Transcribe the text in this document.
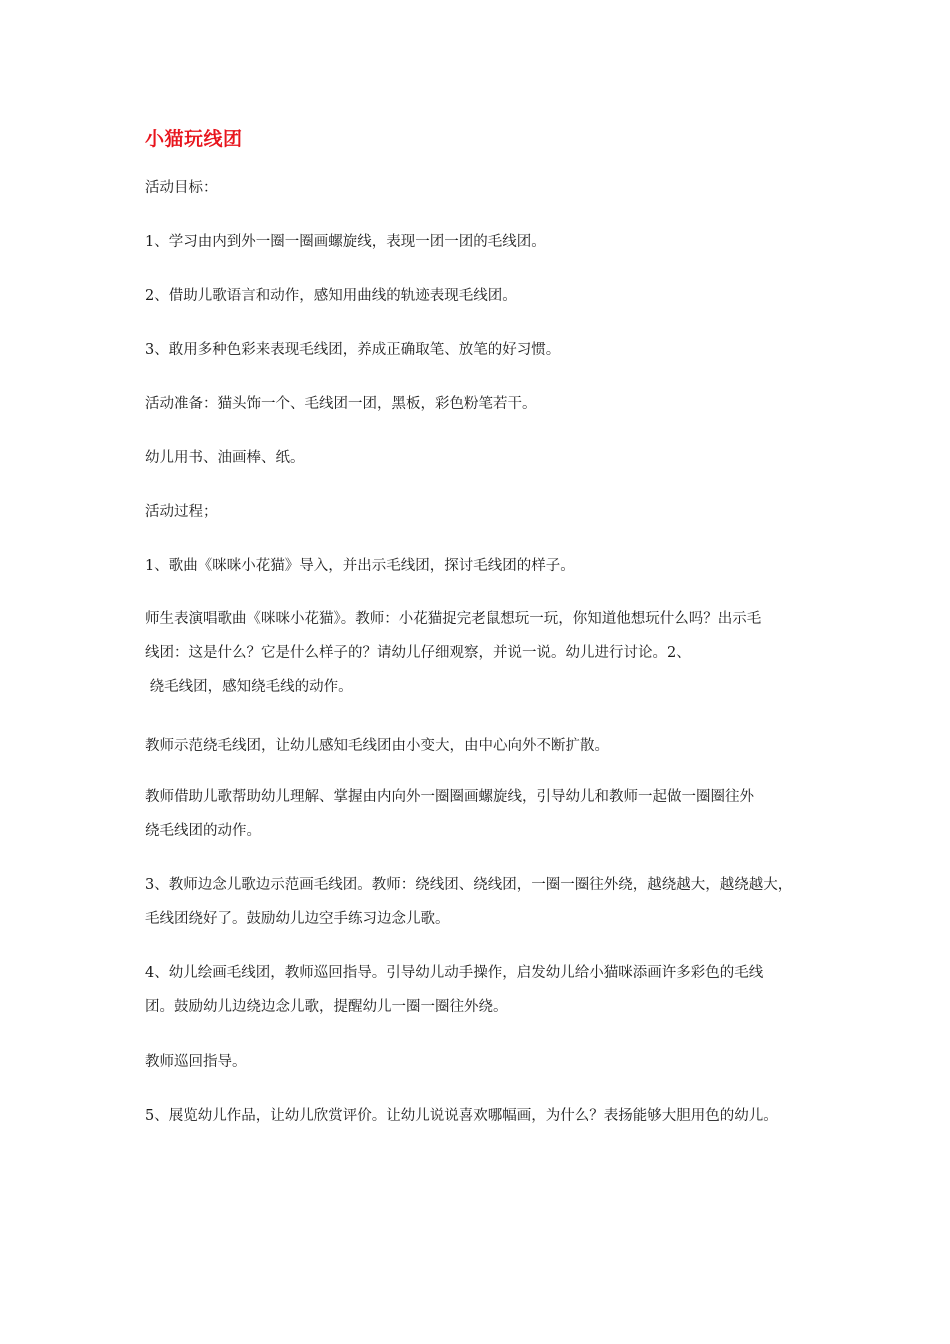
小猫玩线团
活动目标：
1、学习由内到外一圈一圈画螺旋线，表现一团一团的毛线团。
2、借助儿歌语言和动作，感知用曲线的轨迹表现毛线团。
3、敢用多种色彩来表现毛线团，养成正确取笔、放笔的好习惯。
活动准备：猫头饰一个、毛线团一团，黑板，彩色粉笔若干。
幼儿用书、油画棒、纸。
活动过程；
1、歌曲《咪咪小花猫》导入，并出示毛线团，探讨毛线团的样子。
师生表演唱歌曲《咪咪小花猫》。教师：小花猫捉完老鼠想玩一玩，你知道他想玩什么吗？出示毛
线团：这是什么？它是什么样子的？请幼儿仔细观察，并说一说。幼儿进行讨论。2、
绕毛线团，感知绕毛线的动作。
教师示范绕毛线团，让幼儿感知毛线团由小变大，由中心向外不断扩散。
教师借助儿歌帮助幼儿理解、掌握由内向外一圈圈画螺旋线，引导幼儿和教师一起做一圈圈往外
绕毛线团的动作。
3、教师边念儿歌边示范画毛线团。教师：绕线团、绕线团，一圈一圈往外绕，越绕越大，越绕越大，
毛线团绕好了。鼓励幼儿边空手练习边念儿歌。
4、幼儿绘画毛线团，教师巡回指导。引导幼儿动手操作，启发幼儿给小猫咪添画许多彩色的毛线
团。鼓励幼儿边绕边念儿歌，提醒幼儿一圈一圈往外绕。
教师巡回指导。
5、展览幼儿作品，让幼儿欣赏评价。让幼儿说说喜欢哪幅画，为什么？表扬能够大胆用色的幼儿。
